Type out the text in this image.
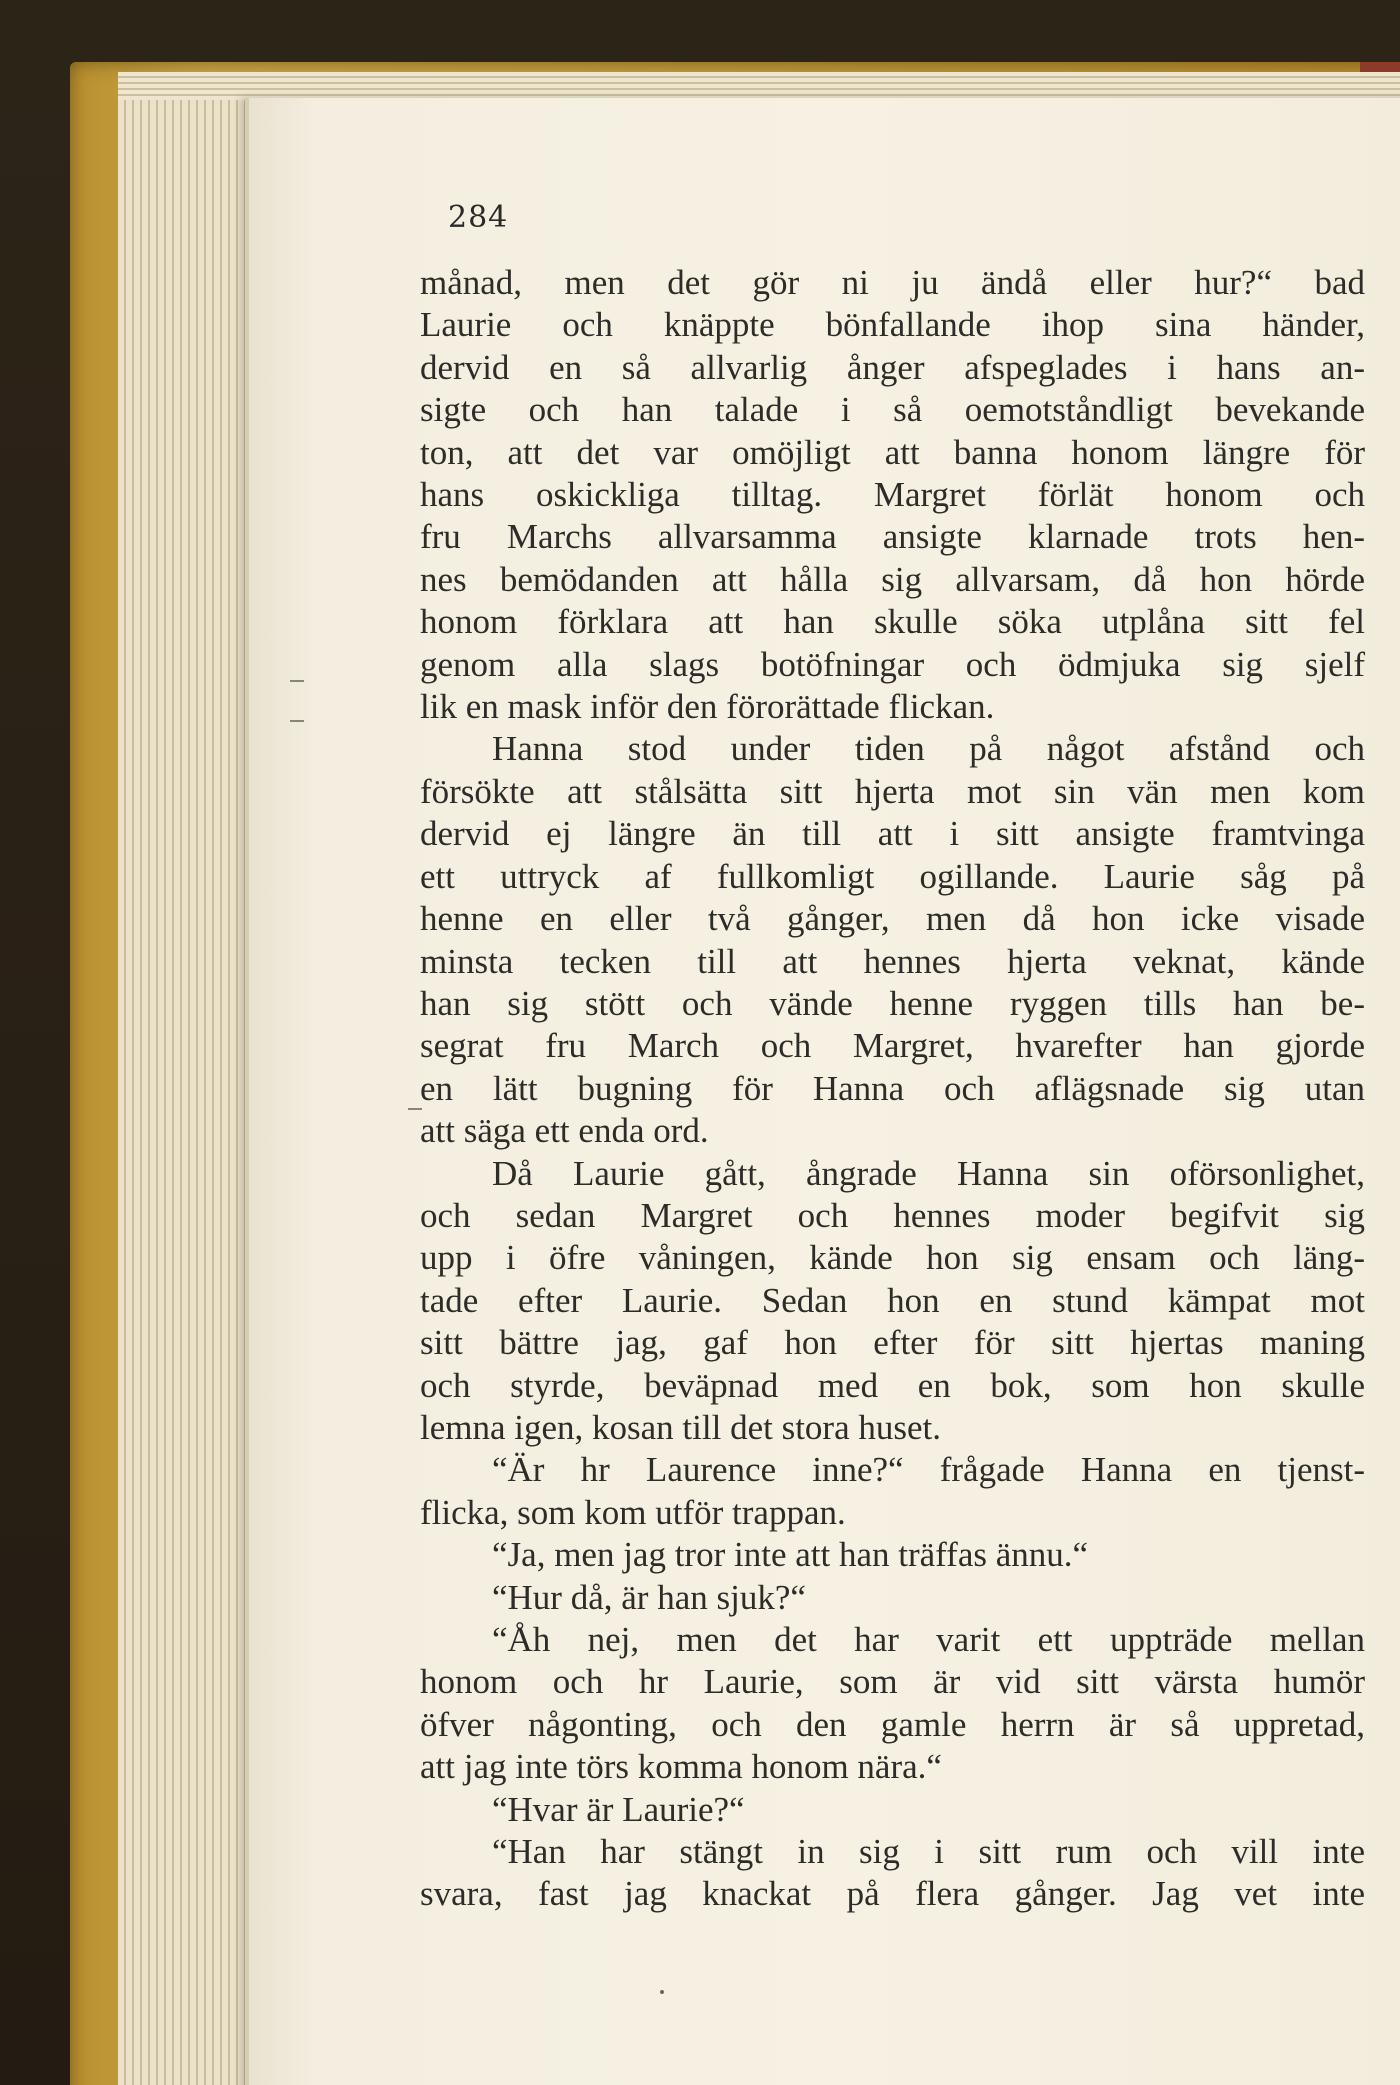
284
månad, men det gör ni ju ändå eller hur?“ bad
Laurie och knäppte bönfallande ihop sina händer,
dervid en så allvarlig ånger afspeglades i hans an-
sigte och han talade i så oemotståndligt bevekande
ton, att det var omöjligt att banna honom längre för
hans oskickliga tilltag. Margret förlät honom och
fru Marchs allvarsamma ansigte klarnade trots hen-
nes bemödanden att hålla sig allvarsam, då hon hörde
honom förklara att han skulle söka utplåna sitt fel
genom alla slags botöfningar och ödmjuka sig sjelf
lik en mask inför den förorättade flickan.
Hanna stod under tiden på något afstånd och
försökte att stålsätta sitt hjerta mot sin vän men kom
dervid ej längre än till att i sitt ansigte framtvinga
ett uttryck af fullkomligt ogillande. Laurie såg på
henne en eller två gånger, men då hon icke visade
minsta tecken till att hennes hjerta veknat, kände
han sig stött och vände henne ryggen tills han be-
segrat fru March och Margret, hvarefter han gjorde
en lätt bugning för Hanna och aflägsnade sig utan
att säga ett enda ord.
Då Laurie gått, ångrade Hanna sin oförsonlighet,
och sedan Margret och hennes moder begifvit sig
upp i öfre våningen, kände hon sig ensam och läng-
tade efter Laurie. Sedan hon en stund kämpat mot
sitt bättre jag, gaf hon efter för sitt hjertas maning
och styrde, beväpnad med en bok, som hon skulle
lemna igen, kosan till det stora huset.
“Är hr Laurence inne?“ frågade Hanna en tjenst-
flicka, som kom utför trappan.
“Ja, men jag tror inte att han träffas ännu.“
“Hur då, är han sjuk?“
“Åh nej, men det har varit ett uppträde mellan
honom och hr Laurie, som är vid sitt värsta humör
öfver någonting, och den gamle herrn är så uppretad,
att jag inte törs komma honom nära.“
“Hvar är Laurie?“
“Han har stängt in sig i sitt rum och vill inte
svara, fast jag knackat på flera gånger. Jag vet inte
